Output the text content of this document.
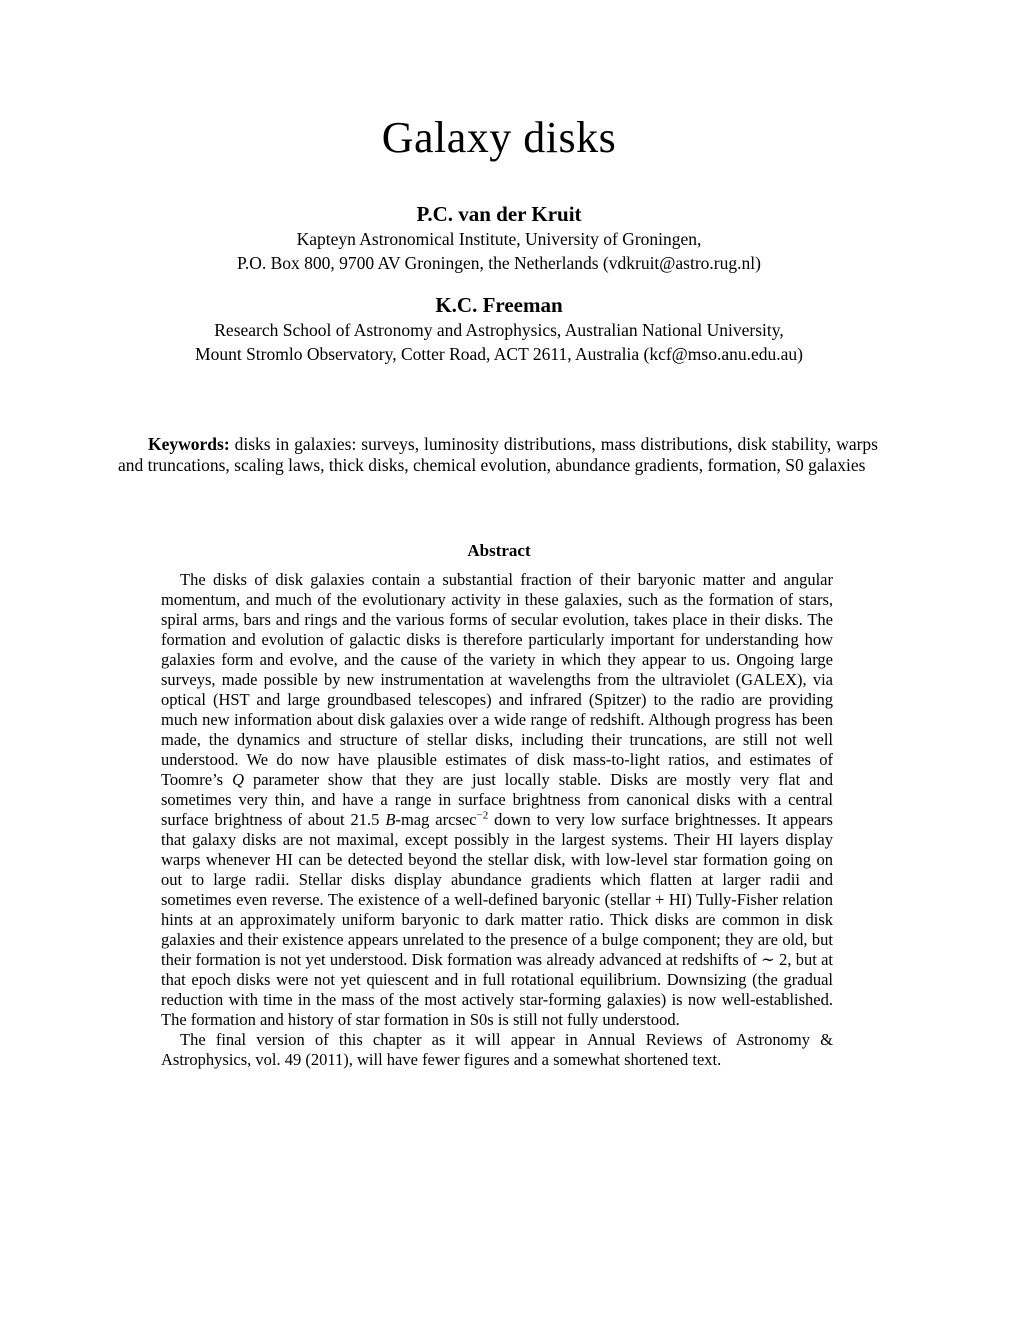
Galaxy disks
P.C. van der Kruit
Kapteyn Astronomical Institute, University of Groningen,
P.O. Box 800, 9700 AV Groningen, the Netherlands (vdkruit@astro.rug.nl)
K.C. Freeman
Research School of Astronomy and Astrophysics, Australian National University,
Mount Stromlo Observatory, Cotter Road, ACT 2611, Australia (kcf@mso.anu.edu.au)

Keywords: disks in galaxies: surveys, luminosity distributions, mass distributions, disk stability, warps and truncations, scaling laws, thick disks, chemical evolution, abundance gradients, formation, S0 galaxies

Abstract

The disks of disk galaxies contain a substantial fraction of their baryonic matter and angular momentum, and much of the evolutionary activity in these galaxies, such as the formation of stars, spiral arms, bars and rings and the various forms of secular evolution, takes place in their disks. The formation and evolution of galactic disks is therefore particularly important for understanding how galaxies form and evolve, and the cause of the variety in which they appear to us. Ongoing large surveys, made possible by new instrumentation at wavelengths from the ultraviolet (GALEX), via optical (HST and large groundbased telescopes) and infrared (Spitzer) to the radio are providing much new information about disk galaxies over a wide range of redshift. Although progress has been made, the dynamics and structure of stellar disks, including their truncations, are still not well understood. We do now have plausible estimates of disk mass-to-light ratios, and estimates of Toomre’s Q parameter show that they are just locally stable. Disks are mostly very flat and sometimes very thin, and have a range in surface brightness from canonical disks with a central surface brightness of about 21.5 B-mag arcsec$^{-2}$ down to very low surface brightnesses. It appears that galaxy disks are not maximal, except possibly in the largest systems. Their HI layers display warps whenever HI can be detected beyond the stellar disk, with low-level star formation going on out to large radii. Stellar disks display abundance gradients which flatten at larger radii and sometimes even reverse. The existence of a well-defined baryonic (stellar + HI) Tully-Fisher relation hints at an approximately uniform baryonic to dark matter ratio. Thick disks are common in disk galaxies and their existence appears unrelated to the presence of a bulge component; they are old, but their formation is not yet understood. Disk formation was already advanced at redshifts of ∼ 2, but at that epoch disks were not yet quiescent and in full rotational equilibrium. Downsizing (the gradual reduction with time in the mass of the most actively star-forming galaxies) is now well-established. The formation and history of star formation in S0s is still not fully understood.

The final version of this chapter as it will appear in Annual Reviews of Astronomy & Astrophysics, vol. 49 (2011), will have fewer figures and a somewhat shortened text.
